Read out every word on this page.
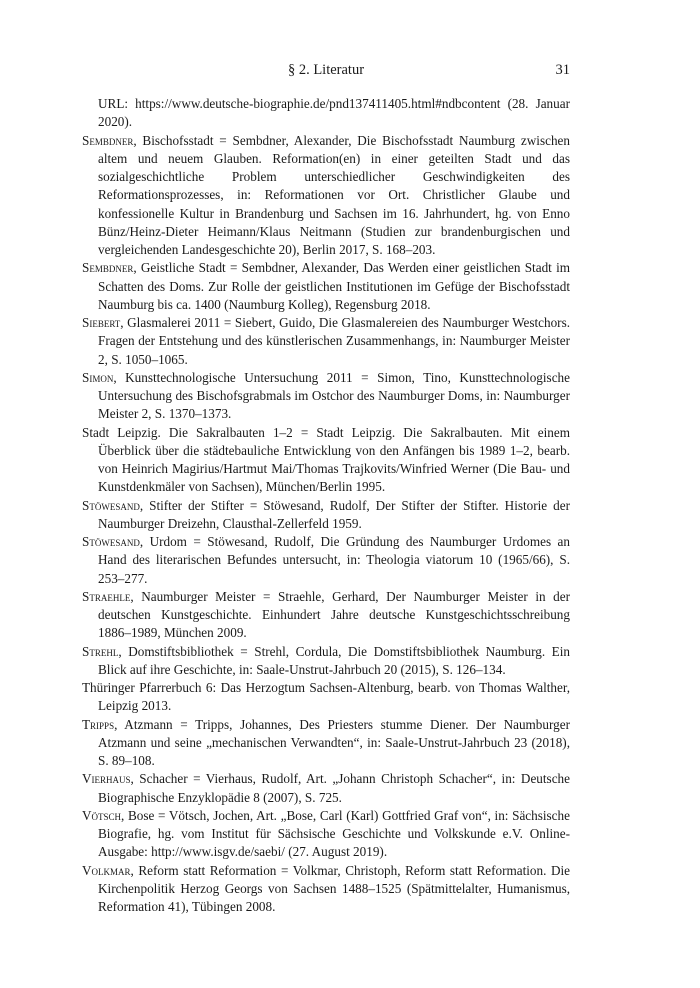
§ 2. Literatur	31

URL: https://www.deutsche-biographie.de/pnd137411405.html#ndbcontent (28. Januar 2020).

Sembdner, Bischofsstadt = Sembdner, Alexander, Die Bischofsstadt Naumburg zwischen altem und neuem Glauben. Reformation(en) in einer geteilten Stadt und das sozialgeschichtliche Problem unterschiedlicher Geschwindigkeiten des Reformationsprozesses, in: Reformationen vor Ort. Christlicher Glaube und konfessionelle Kultur in Brandenburg und Sachsen im 16. Jahrhundert, hg. von Enno Bünz/Heinz-Dieter Heimann/Klaus Neitmann (Studien zur brandenburgischen und vergleichenden Landesgeschichte 20), Berlin 2017, S. 168–203.

Sembdner, Geistliche Stadt = Sembdner, Alexander, Das Werden einer geistlichen Stadt im Schatten des Doms. Zur Rolle der geistlichen Institutionen im Gefüge der Bischofsstadt Naumburg bis ca. 1400 (Naumburg Kolleg), Regensburg 2018.

Siebert, Glasmalerei 2011 = Siebert, Guido, Die Glasmalereien des Naumburger Westchors. Fragen der Entstehung und des künstlerischen Zusammenhangs, in: Naumburger Meister 2, S. 1050–1065.

Simon, Kunsttechnologische Untersuchung 2011 = Simon, Tino, Kunsttechnologische Untersuchung des Bischofsgrabmals im Ostchor des Naumburger Doms, in: Naumburger Meister 2, S. 1370–1373.

Stadt Leipzig. Die Sakralbauten 1–2 = Stadt Leipzig. Die Sakralbauten. Mit einem Überblick über die städtebauliche Entwicklung von den Anfängen bis 1989 1–2, bearb. von Heinrich Magirius/Hartmut Mai/Thomas Trajkovits/Winfried Werner (Die Bau- und Kunstdenkmäler von Sachsen), München/Berlin 1995.

Stöwesand, Stifter der Stifter = Stöwesand, Rudolf, Der Stifter der Stifter. Historie der Naumburger Dreizehn, Clausthal-Zellerfeld 1959.

Stöwesand, Urdom = Stöwesand, Rudolf, Die Gründung des Naumburger Urdomes an Hand des literarischen Befundes untersucht, in: Theologia viatorum 10 (1965/66), S. 253–277.

Straehle, Naumburger Meister = Straehle, Gerhard, Der Naumburger Meister in der deutschen Kunstgeschichte. Einhundert Jahre deutsche Kunstgeschichtsschreibung 1886–1989, München 2009.

Strehl, Domstiftsbibliothek = Strehl, Cordula, Die Domstiftsbibliothek Naumburg. Ein Blick auf ihre Geschichte, in: Saale-Unstrut-Jahrbuch 20 (2015), S. 126–134.

Thüringer Pfarrerbuch 6: Das Herzogtum Sachsen-Altenburg, bearb. von Thomas Walther, Leipzig 2013.

Tripps, Atzmann = Tripps, Johannes, Des Priesters stumme Diener. Der Naumburger Atzmann und seine „mechanischen Verwandten“, in: Saale-Unstrut-Jahrbuch 23 (2018), S. 89–108.

Vierhaus, Schacher = Vierhaus, Rudolf, Art. „Johann Christoph Schacher“, in: Deutsche Biographische Enzyklopädie 8 (2007), S. 725.

Vötsch, Bose = Vötsch, Jochen, Art. „Bose, Carl (Karl) Gottfried Graf von“, in: Sächsische Biografie, hg. vom Institut für Sächsische Geschichte und Volkskunde e.V. Online-Ausgabe: http://www.isgv.de/saebi/ (27. August 2019).

Volkmar, Reform statt Reformation = Volkmar, Christoph, Reform statt Reformation. Die Kirchenpolitik Herzog Georgs von Sachsen 1488–1525 (Spätmittelalter, Humanismus, Reformation 41), Tübingen 2008.
